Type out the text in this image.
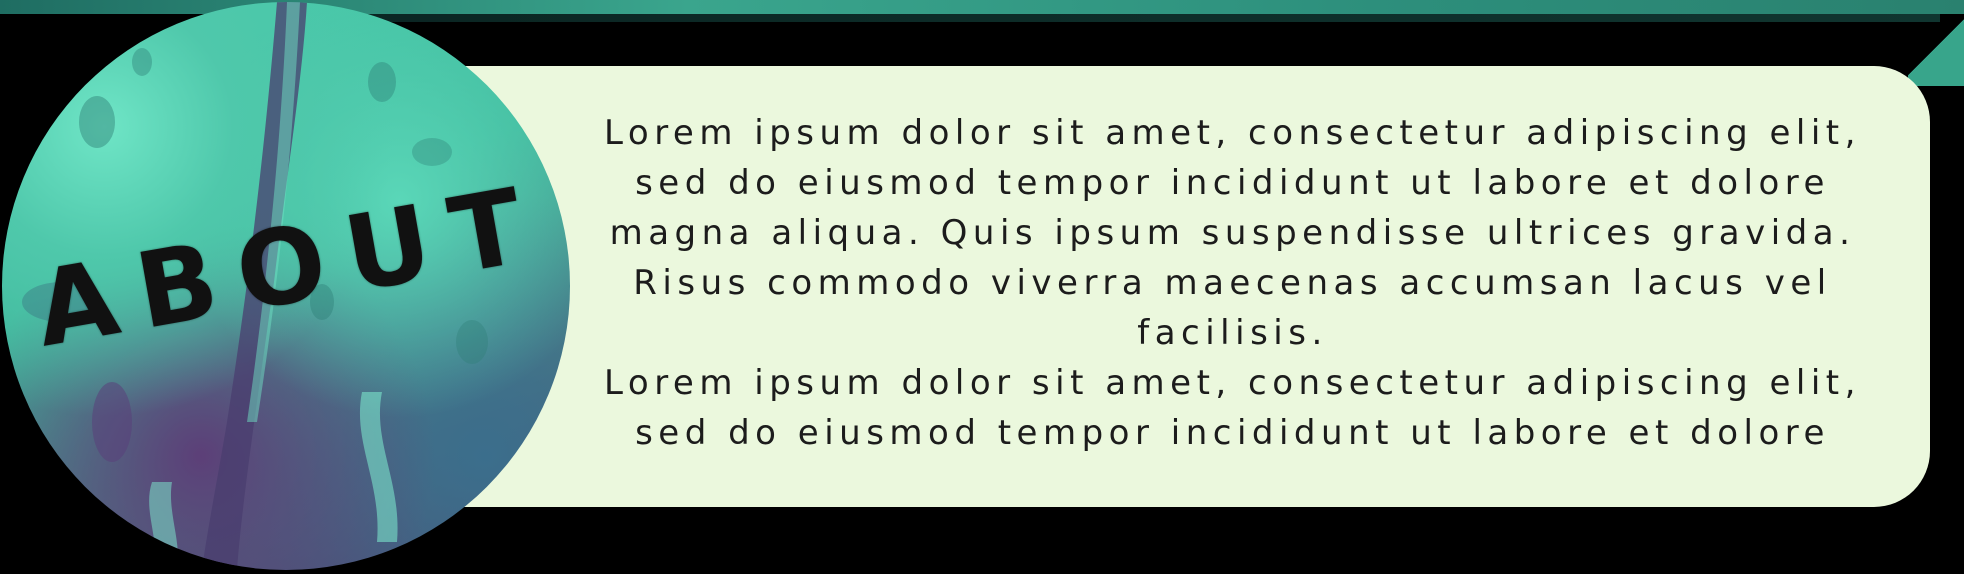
Lorem ipsum dolor sit amet, consectetur adipiscing elit, sed do eiusmod tempor incididunt ut labore et dolore magna aliqua. Quis ipsum suspendisse ultrices gravida. Risus commodo viverra maecenas accumsan lacus vel facilisis.

Lorem ipsum dolor sit amet, consectetur adipiscing elit, sed do eiusmod tempor incididunt ut labore et dolore

ABOUT
